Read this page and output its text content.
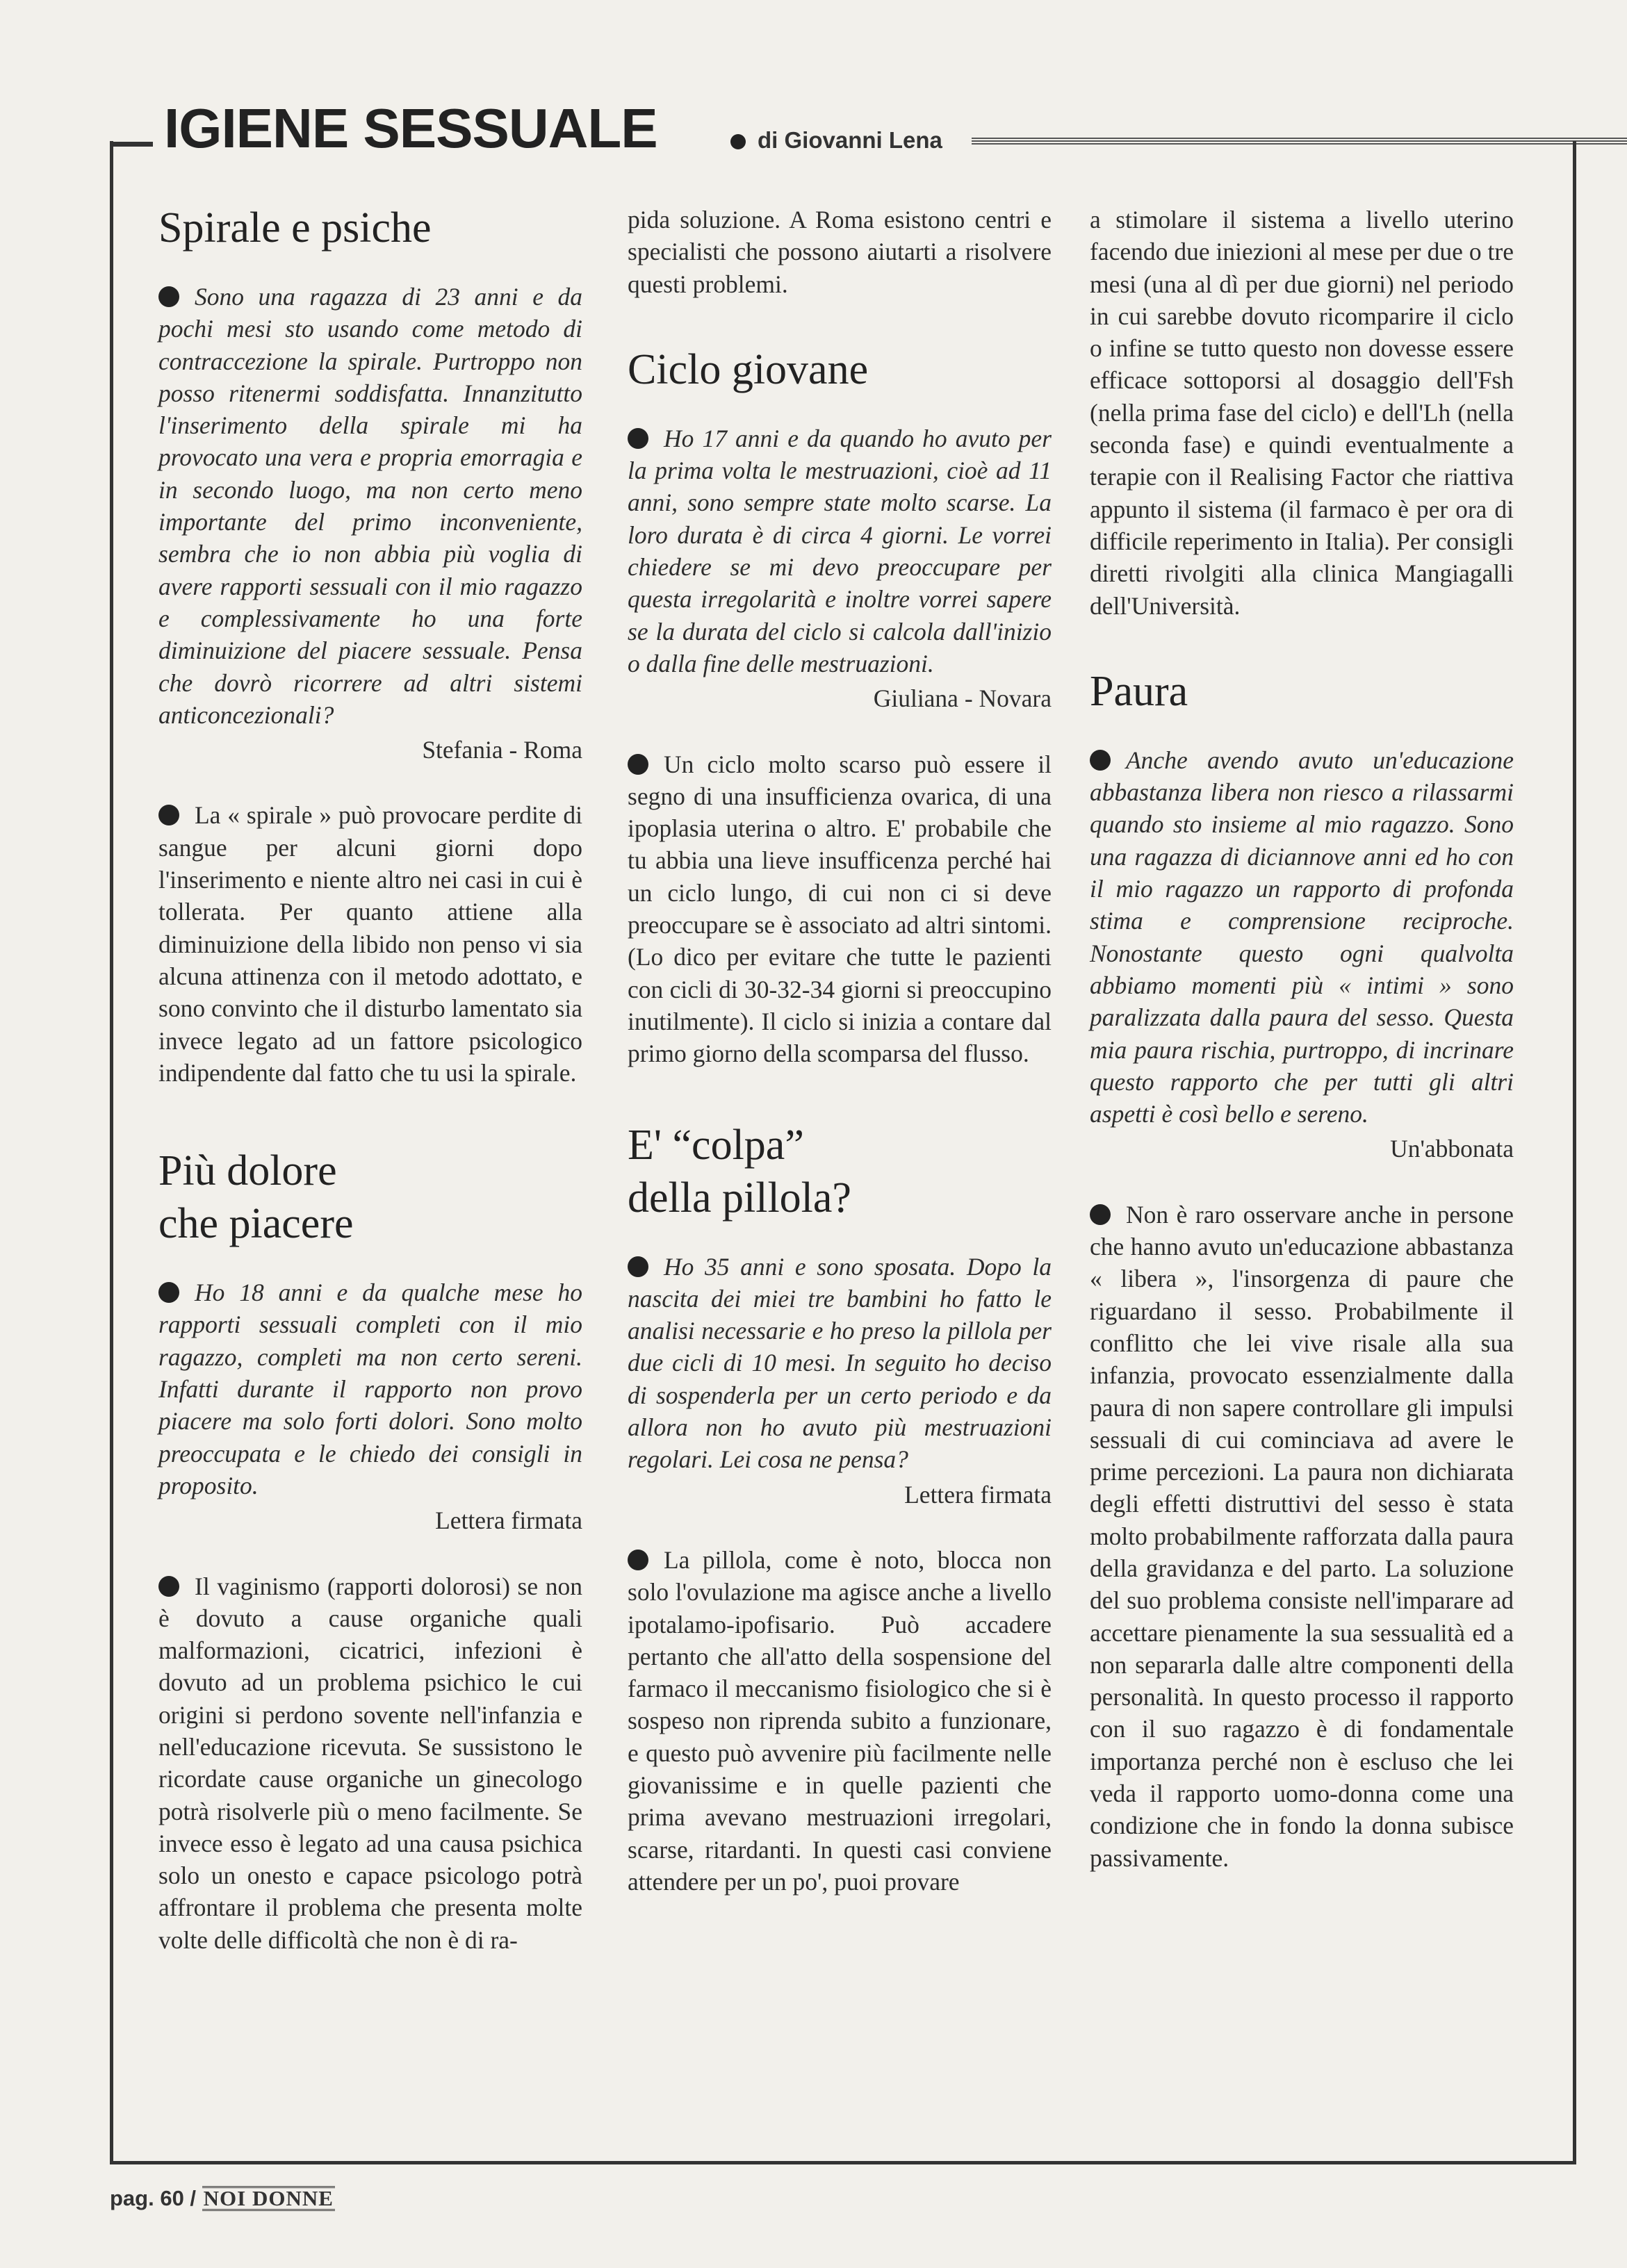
IGIENE SESSUALE	di Giovanni Lena
Spirale e psiche

Sono una ragazza di 23 anni e da pochi mesi sto usando come metodo di contraccezione la spirale. Purtroppo non posso ritenermi soddisfatta. Innanzitutto l'inserimento della spirale mi ha provocato una vera e propria emorragia e in secondo luogo, ma non certo meno importante del primo inconveniente, sembra che io non abbia più voglia di avere rapporti sessuali con il mio ragazzo e complessivamente ho una forte diminuizione del piacere sessuale. Pensa che dovrò ricorrere ad altri sistemi anticoncezionali?

Stefania - Roma

La « spirale » può provocare perdite di sangue per alcuni giorni dopo l'inserimento e niente altro nei casi in cui è tollerata. Per quanto attiene alla diminuizione della libido non penso vi sia alcuna attinenza con il metodo adottato, e sono convinto che il disturbo lamentato sia invece legato ad un fattore psicologico indipendente dal fatto che tu usi la spirale.

Più dolore
che piacere

Ho 18 anni e da qualche mese ho rapporti sessuali completi con il mio ragazzo, completi ma non certo sereni. Infatti durante il rapporto non provo piacere ma solo forti dolori. Sono molto preoccupata e le chiedo dei consigli in proposito.

Lettera firmata

Il vaginismo (rapporti dolorosi) se non è dovuto a cause organiche quali malformazioni, cicatrici, infezioni è dovuto ad un problema psichico le cui origini si perdono sovente nell'infanzia e nell'educazione ricevuta. Se sussistono le ricordate cause organiche un ginecologo potrà risolverle più o meno facilmente. Se invece esso è legato ad una causa psichica solo un onesto e capace psicologo potrà affrontare il problema che presenta molte volte delle difficoltà che non è di ra-

pida soluzione. A Roma esistono centri e specialisti che possono aiutarti a risolvere questi problemi.

Ciclo giovane

Ho 17 anni e da quando ho avuto per la prima volta le mestruazioni, cioè ad 11 anni, sono sempre state molto scarse. La loro durata è di circa 4 giorni. Le vorrei chiedere se mi devo preoccupare per questa irregolarità e inoltre vorrei sapere se la durata del ciclo si calcola dall'inizio o dalla fine delle mestruazioni.

Giuliana - Novara

Un ciclo molto scarso può essere il segno di una insufficienza ovarica, di una ipoplasia uterina o altro. E' probabile che tu abbia una lieve insufficenza perché hai un ciclo lungo, di cui non ci si deve preoccupare se è associato ad altri sintomi. (Lo dico per evitare che tutte le pazienti con cicli di 30-32-34 giorni si preoccupino inutilmente). Il ciclo si inizia a contare dal primo giorno della scomparsa del flusso.

E' “colpa”
della pillola?

Ho 35 anni e sono sposata. Dopo la nascita dei miei tre bambini ho fatto le analisi necessarie e ho preso la pillola per due cicli di 10 mesi. In seguito ho deciso di sospenderla per un certo periodo e da allora non ho avuto più mestruazioni regolari. Lei cosa ne pensa?

Lettera firmata

La pillola, come è noto, blocca non solo l'ovulazione ma agisce anche a livello ipotalamo-ipofisario. Può accadere pertanto che all'atto della sospensione del farmaco il meccanismo fisiologico che si è sospeso non riprenda subito a funzionare, e questo può avvenire più facilmente nelle giovanissime e in quelle pazienti che prima avevano mestruazioni irregolari, scarse, ritardanti. In questi casi conviene attendere per un po', puoi provare

a stimolare il sistema a livello uterino facendo due iniezioni al mese per due o tre mesi (una al dì per due giorni) nel periodo in cui sarebbe dovuto ricomparire il ciclo o infine se tutto questo non dovesse essere efficace sottoporsi al dosaggio dell'Fsh (nella prima fase del ciclo) e dell'Lh (nella seconda fase) e quindi eventualmente a terapie con il Realising Factor che riattiva appunto il sistema (il farmaco è per ora di difficile reperimento in Italia). Per consigli diretti rivolgiti alla clinica Mangiagalli dell'Università.

Paura

Anche avendo avuto un'educazione abbastanza libera non riesco a rilassarmi quando sto insieme al mio ragazzo. Sono una ragazza di diciannove anni ed ho con il mio ragazzo un rapporto di profonda stima e comprensione reciproche. Nonostante questo ogni qualvolta abbiamo momenti più « intimi » sono paralizzata dalla paura del sesso. Questa mia paura rischia, purtroppo, di incrinare questo rapporto che per tutti gli altri aspetti è così bello e sereno.

Un'abbonata

Non è raro osservare anche in persone che hanno avuto un'educazione abbastanza « libera », l'insorgenza di paure che riguardano il sesso. Probabilmente il conflitto che lei vive risale alla sua infanzia, provocato essenzialmente dalla paura di non sapere controllare gli impulsi sessuali di cui cominciava ad avere le prime percezioni. La paura non dichiarata degli effetti distruttivi del sesso è stata molto probabilmente rafforzata dalla paura della gravidanza e del parto. La soluzione del suo problema consiste nell'imparare ad accettare pienamente la sua sessualità ed a non separarla dalle altre componenti della personalità. In questo processo il rapporto con il suo ragazzo è di fondamentale importanza perché non è escluso che lei veda il rapporto uomo-donna come una condizione che in fondo la donna subisce passivamente.

pag. 60 / NOI DONNE
